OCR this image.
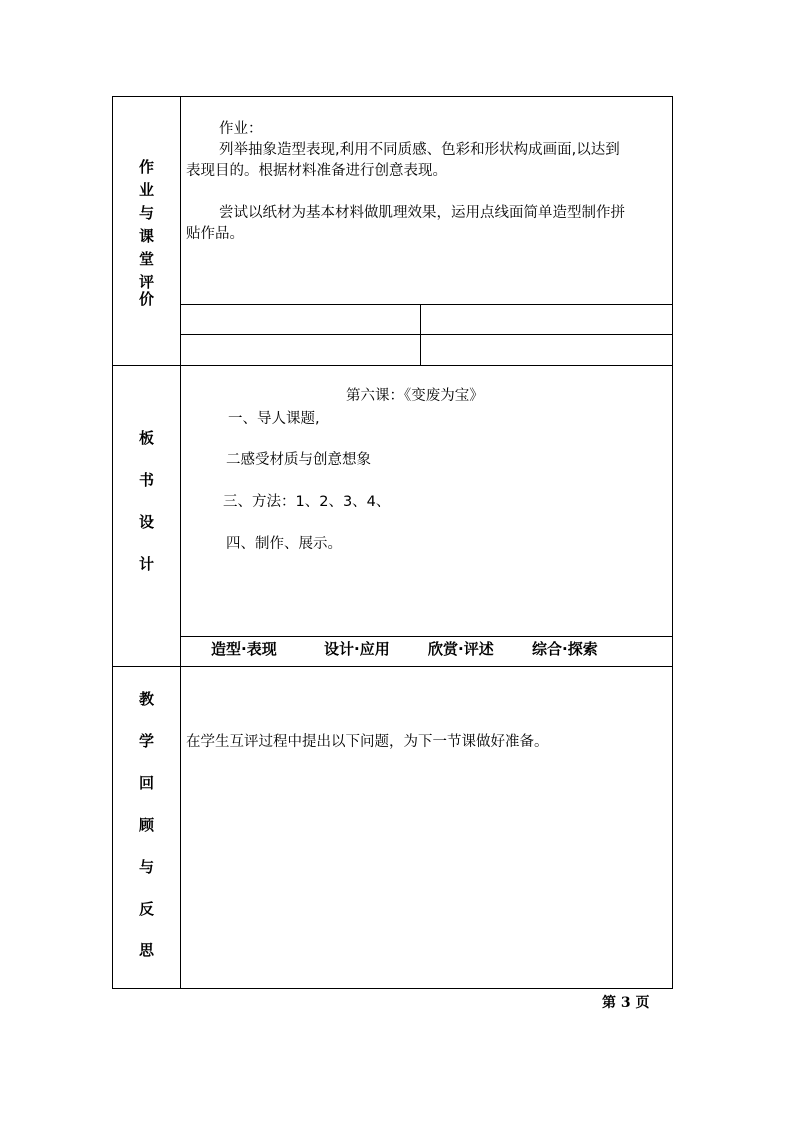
作
业
与
课
堂
评
价
作业：
列举抽象造型表现,利用不同质感、色彩和形状构成画面,以达到
表现目的。根据材料准备进行创意表现。
尝试以纸材为基本材料做肌理效果，运用点线面简单造型制作拼
贴作品。
板
书
设
计
第六课：《变废为宝》
一、导人课题,
二感受材质与创意想象
三、方法：1、2、3、4、
四、制作、展示。
造型·表现	设计·应用	欣赏·评述	综合·探索
教
学
回
顾
与
反
思
在学生互评过程中提出以下问题，为下一节课做好准备。
第 3 页
